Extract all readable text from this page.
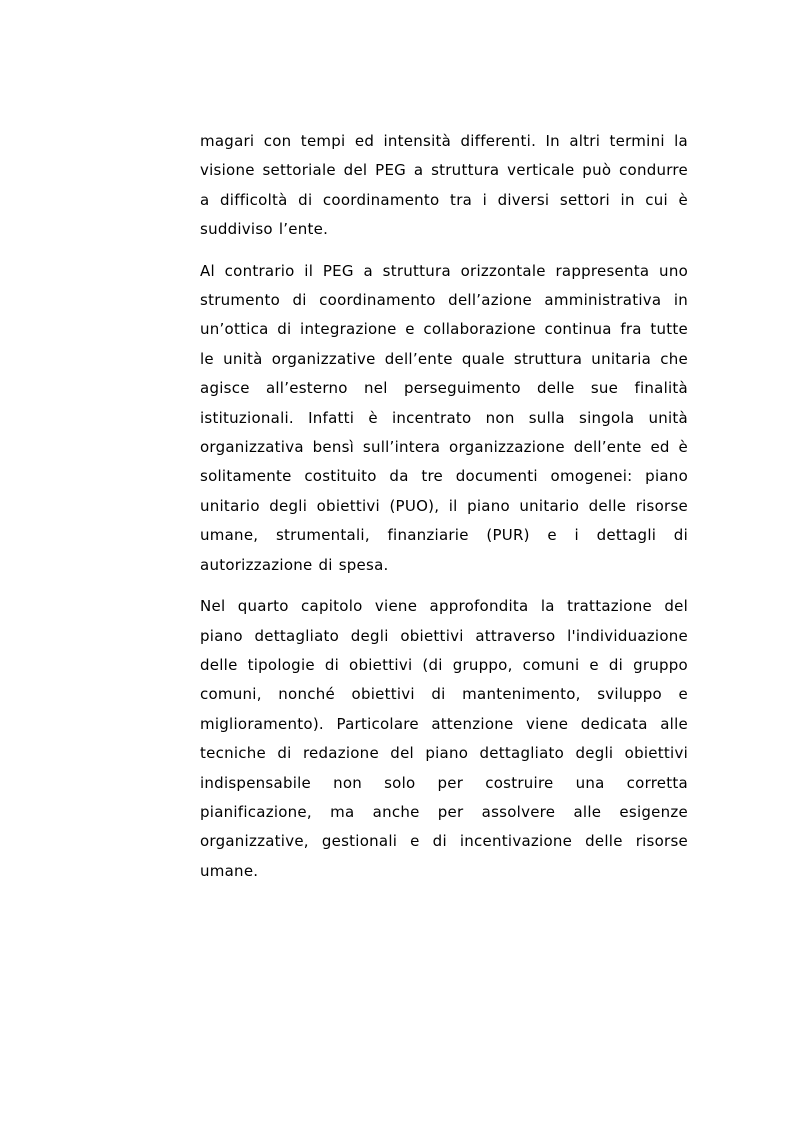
magari con tempi ed intensità differenti. In altri termini la visione settoriale del PEG a struttura verticale può condurre a difficoltà di coordinamento tra i diversi settori in cui è suddiviso l’ente.

Al contrario il PEG a struttura orizzontale rappresenta uno strumento di coordinamento dell’azione amministrativa in un’ottica di integrazione e collaborazione continua fra tutte le unità organizzative dell’ente quale struttura unitaria che agisce all’esterno nel perseguimento delle sue finalità istituzionali. Infatti è incentrato non sulla singola unità organizzativa bensì sull’intera organizzazione dell’ente ed è solitamente costituito da tre documenti omogenei: piano unitario degli obiettivi (PUO), il piano unitario delle risorse umane, strumentali, finanziarie (PUR) e i dettagli di autorizzazione di spesa.

Nel quarto capitolo viene approfondita la trattazione del piano dettagliato degli obiettivi attraverso l'individuazione delle tipologie di obiettivi (di gruppo, comuni e di gruppo comuni, nonché obiettivi di mantenimento, sviluppo e miglioramento). Particolare attenzione viene dedicata alle tecniche di redazione del piano dettagliato degli obiettivi indispensabile non solo per costruire una corretta pianificazione, ma anche per assolvere alle esigenze organizzative, gestionali e di incentivazione delle risorse umane.
